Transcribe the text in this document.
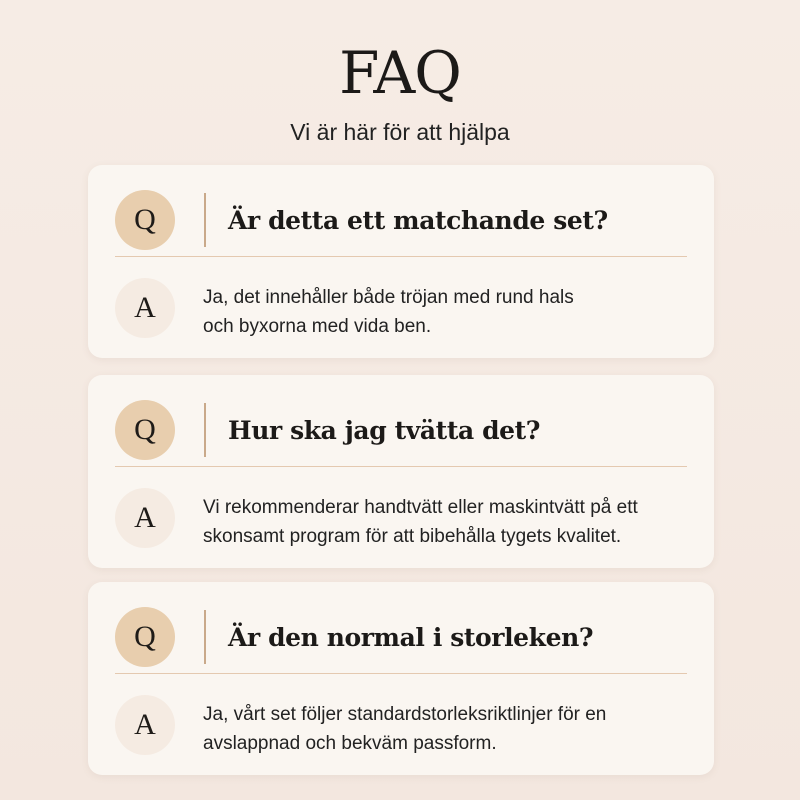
FAQ
Vi är här för att hjälpa
Q	Är detta ett matchande set?
A	Ja, det innehåller både tröjan med rund hals
och byxorna med vida ben.
Q	Hur ska jag tvätta det?
A	Vi rekommenderar handtvätt eller maskintvätt på ett
skonsamt program för att bibehålla tygets kvalitet.
Q	Är den normal i storleken?
A	Ja, vårt set följer standardstorleksriktlinjer för en
avslappnad och bekväm passform.
